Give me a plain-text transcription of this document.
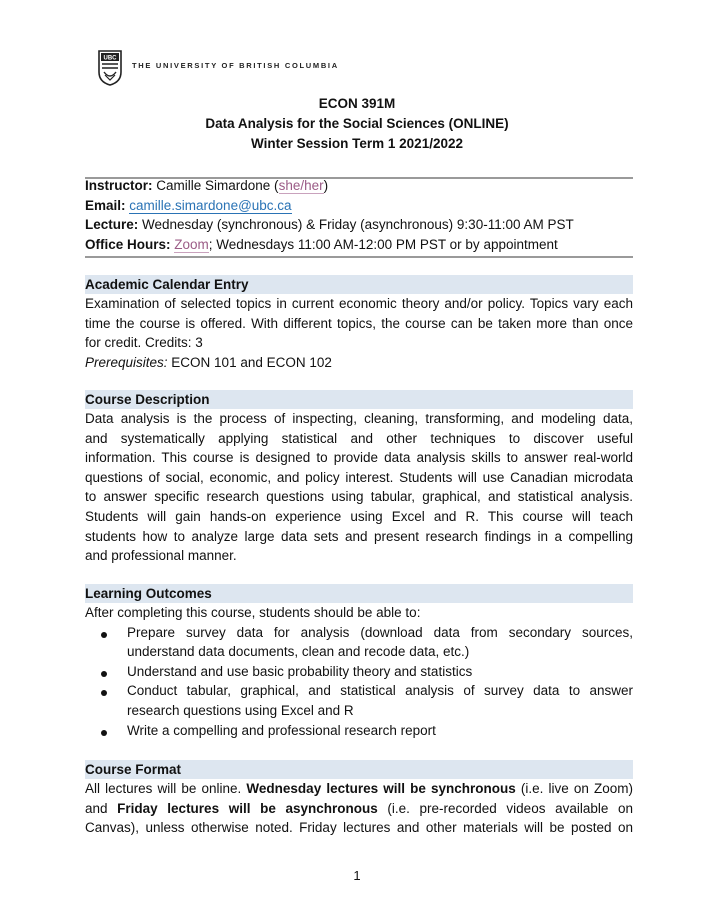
UBC
THE UNIVERSITY OF BRITISH COLUMBIA
ECON 391M
Data Analysis for the Social Sciences (ONLINE)
Winter Session Term 1 2021/2022
Instructor: Camille Simardone (she/her)
Email: camille.simardone@ubc.ca
Lecture: Wednesday (synchronous) & Friday (asynchronous) 9:30-11:00 AM PST
Office Hours: Zoom; Wednesdays 11:00 AM-12:00 PM PST or by appointment
Academic Calendar Entry
Examination of selected topics in current economic theory and/or policy. Topics vary each
time the course is offered. With different topics, the course can be taken more than once
for credit. Credits: 3
Prerequisites: ECON 101 and ECON 102
Course Description
Data analysis is the process of inspecting, cleaning, transforming, and modeling data,
and systematically applying statistical and other techniques to discover useful
information. This course is designed to provide data analysis skills to answer real-world
questions of social, economic, and policy interest. Students will use Canadian microdata
to answer specific research questions using tabular, graphical, and statistical analysis.
Students will gain hands-on experience using Excel and R. This course will teach
students how to analyze large data sets and present research findings in a compelling
and professional manner.
Learning Outcomes
After completing this course, students should be able to:
Prepare survey data for analysis (download data from secondary sources,
understand data documents, clean and recode data, etc.)
Understand and use basic probability theory and statistics
Conduct tabular, graphical, and statistical analysis of survey data to answer
research questions using Excel and R
Write a compelling and professional research report
Course Format
All lectures will be online. Wednesday lectures will be synchronous (i.e. live on Zoom)
and Friday lectures will be asynchronous (i.e. pre-recorded videos available on
Canvas), unless otherwise noted. Friday lectures and other materials will be posted on
1
